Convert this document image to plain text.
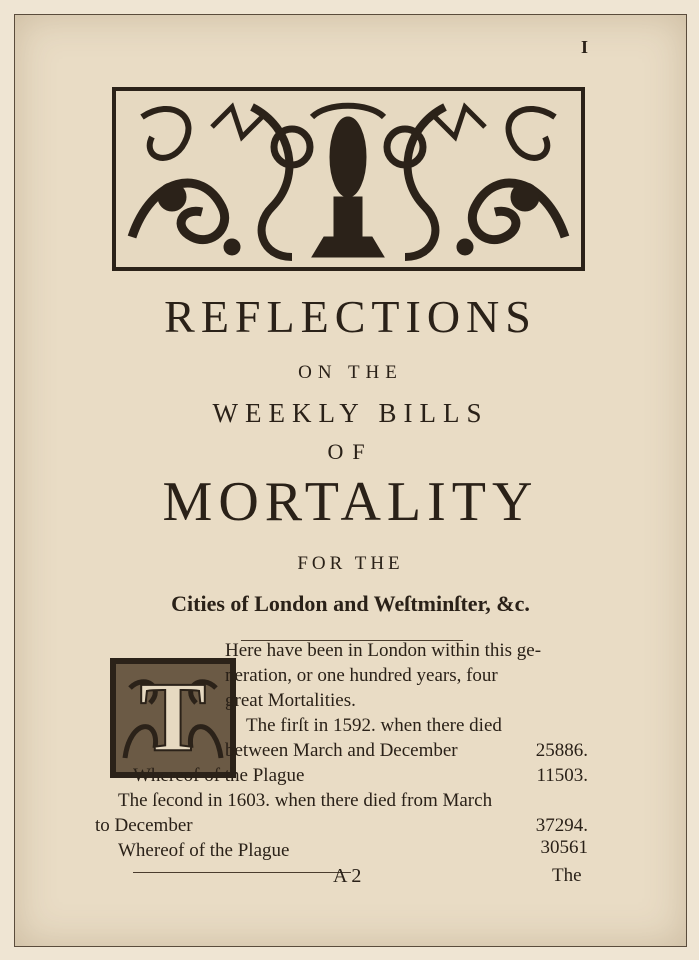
I

REFLECTIONS

ON THE

WEEKLY BILLS

OF

MORTALITY

FOR THE

Cities of London and Weſtminſter, &c.

T
Here have been in London within this ge-
neration, or one hundred years, four
great Mortalities.
The firſt in 1592. when there died
between March and December	25886.
Whereof of the Plague	11503.
The ſecond in 1603. when there died from March
to December	37294.
Whereof of the Plague	30561
A 2	The
